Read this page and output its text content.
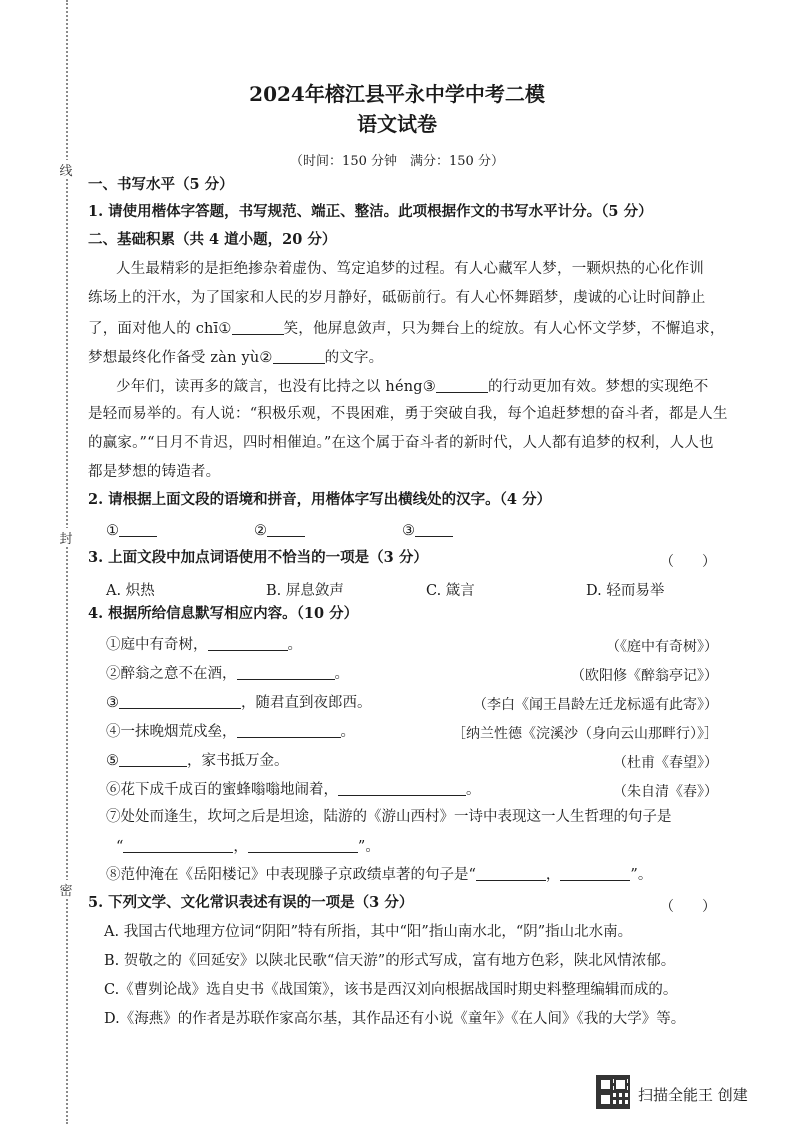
线
封
密
2024年榕江县平永中学中考二模
语文试卷
（时间：150 分钟　满分：150 分）
一、书写水平（5 分）
1. 请使用楷体字答题，书写规范、端正、整洁。此项根据作文的书写水平计分。（5 分）
二、基础积累（共 4 道小题，20 分）
人生最精彩的是拒绝掺杂着虚伪、笃定追梦的过程。有人心藏军人梦，一颗炽热的心化作训
练场上的汗水，为了国家和人民的岁月静好，砥砺前行。有人心怀舞蹈梦，虔诚的心让时间静止
了，面对他人的 chī①	笑，他屏息敛声，只为舞台上的绽放。有人心怀文学梦，不懈追求，
梦想最终化作备受 zàn yù②	的文字。
少年们，读再多的箴言，也没有比持之以 héng③	的行动更加有效。梦想的实现绝不
是轻而易举的。有人说：“积极乐观，不畏困难，勇于突破自我，每个追赶梦想的奋斗者，都是人生
的赢家。”“日月不肯迟，四时相催迫。”在这个属于奋斗者的新时代，人人都有追梦的权利，人人也
都是梦想的铸造者。
2. 请根据上面文段的语境和拼音，用楷体字写出横线处的汉字。（4 分）
①	②	③
3. 上面文段中加点词语使用不恰当的一项是（3 分）	（　　）
A. 炽热	B. 屏息敛声	C. 箴言	D. 轻而易举
4. 根据所给信息默写相应内容。（10 分）
①庭中有奇树，	。	（《庭中有奇树》）
②醉翁之意不在酒，	。	（欧阳修《醉翁亭记》）
③	，随君直到夜郎西。	（李白《闻王昌龄左迁龙标遥有此寄》）
④一抹晚烟荒戍垒，	。	［纳兰性德《浣溪沙（身向云山那畔行）》］
⑤	，家书抵万金。	（杜甫《春望》）
⑥花下成千成百的蜜蜂嗡嗡地闹着，	。	（朱自清《春》）
⑦处处而逢生，坎坷之后是坦途，陆游的《游山西村》一诗中表现这一人生哲理的句子是
“	，	”。
⑧范仲淹在《岳阳楼记》中表现滕子京政绩卓著的句子是“	，	”。
5. 下列文学、文化常识表述有误的一项是（3 分）	（　　）
A. 我国古代地理方位词“阴阳”特有所指，其中“阳”指山南水北，“阴”指山北水南。
B. 贺敬之的《回延安》以陕北民歌“信天游”的形式写成，富有地方色彩，陕北风情浓郁。
C.《曹刿论战》选自史书《战国策》，该书是西汉刘向根据战国时期史料整理编辑而成的。
D.《海燕》的作者是苏联作家高尔基，其作品还有小说《童年》《在人间》《我的大学》等。
扫描全能王 创建
